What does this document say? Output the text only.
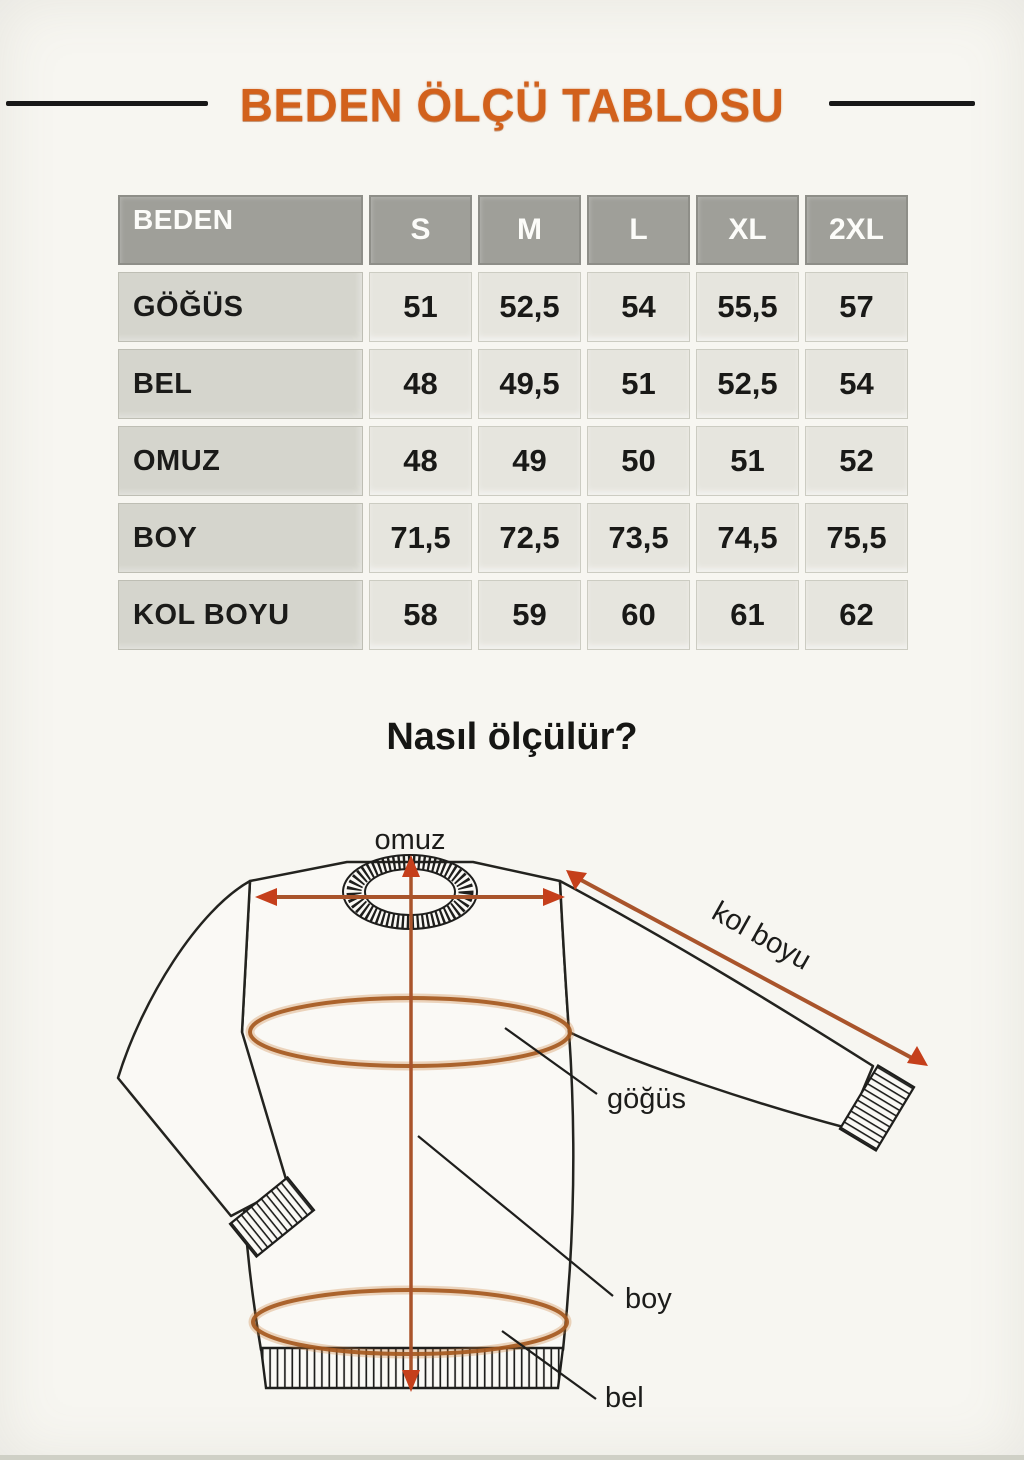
BEDEN ÖLÇÜ TABLOSU
BEDEN	S	M	L	XL	2XL
GÖĞÜS	51	52,5	54	55,5	57
BEL	48	49,5	51	52,5	54
OMUZ	48	49	50	51	52
BOY	71,5	72,5	73,5	74,5	75,5
KOL BOYU	58	59	60	61	62
Nasıl ölçülür?
omuz
kol boyu
göğüs
boy
bel
